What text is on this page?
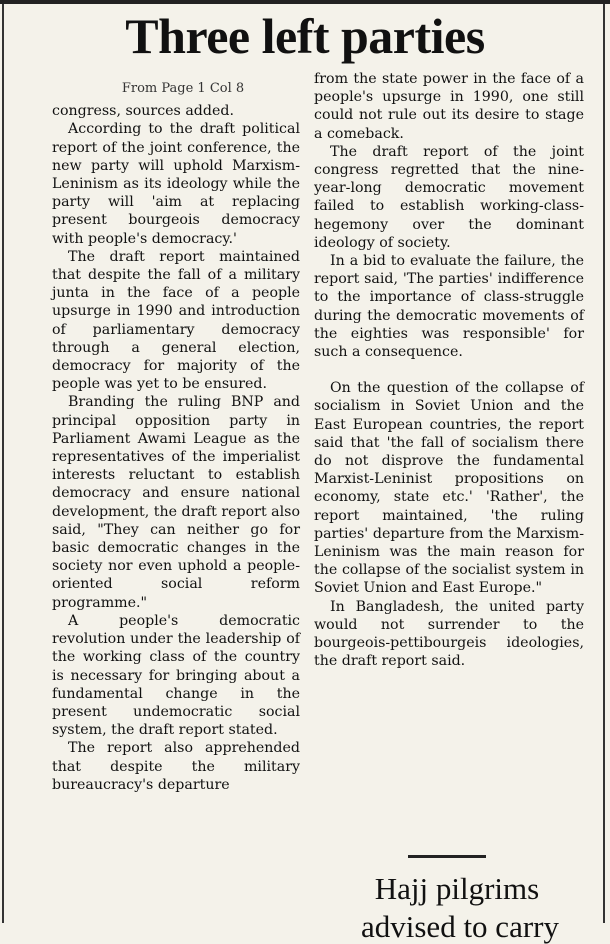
Three left parties
From Page 1 Col 8

congress, sources added.

According to the draft political report of the joint conference, the new party will uphold Marxism-Leninism as its ideology while the party will 'aim at replacing present bourgeois democracy with people's democracy.'

The draft report maintained that despite the fall of a military junta in the face of a people upsurge in 1990 and introduction of parliamentary democracy through a general election, democracy for majority of the people was yet to be ensured.

Branding the ruling BNP and principal opposition party in Parliament Awami League as the representatives of the imperialist interests reluctant to establish democracy and ensure national development, the draft report also said, "They can neither go for basic democratic changes in the society nor even uphold a people- oriented social reform programme."

A people's democratic revolution under the leadership of the working class of the country is necessary for bringing about a fundamental change in the present undemocratic social system, the draft report stated.

The report also apprehended that despite the military bureaucracy's departure

from the state power in the face of a people's upsurge in 1990, one still could not rule out its desire to stage a comeback.

The draft report of the joint congress regretted that the nine-year-long democratic movement failed to establish working-class- hegemony over the dominant ideology of society.

In a bid to evaluate the failure, the report said, 'The parties' indifference to the importance of class-struggle during the democratic movements of the eighties was responsible' for such a consequence.

On the question of the collapse of socialism in Soviet Union and the East European countries, the report said that 'the fall of socialism there do not disprove the fundamental Marxist-Leninist propositions on economy, state etc.' 'Rather', the report maintained, 'the ruling parties' departure from the Marxism-Leninism was the main reason for the collapse of the socialist system in Soviet Union and East Europe."

In Bangladesh, the united party would not surrender to the bourgeois-pettibourgeis ideologies, the draft report said.

Hajj pilgrims
advised to carry
